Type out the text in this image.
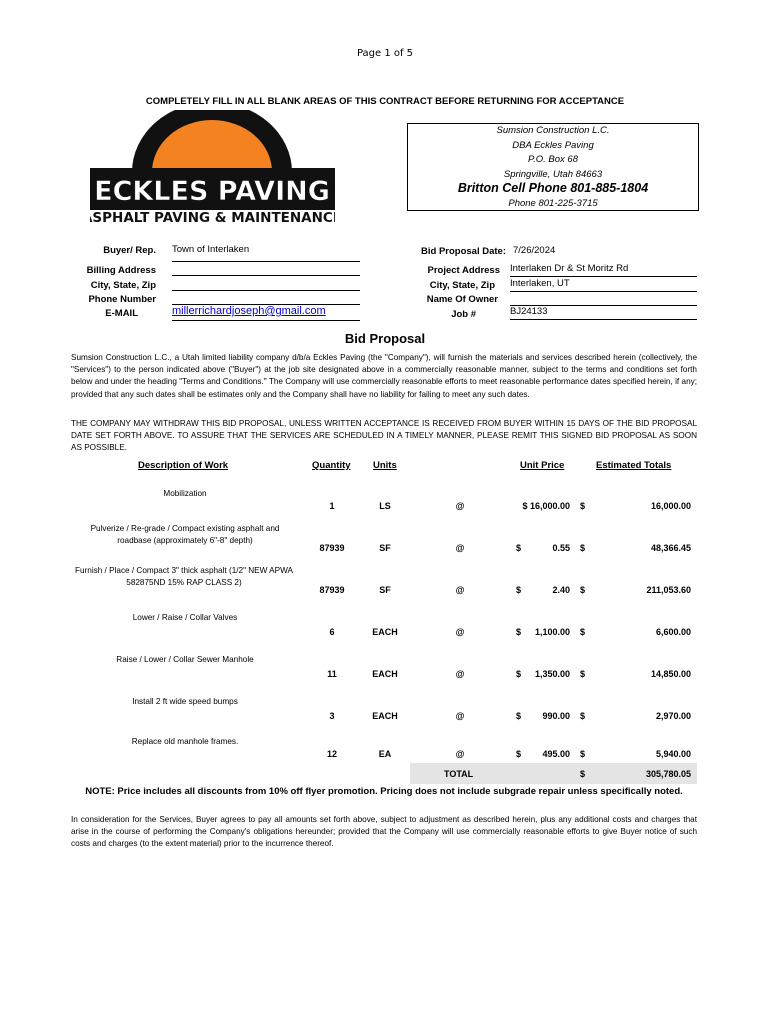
Page 1 of 5
COMPLETELY FILL IN ALL BLANK AREAS OF THIS CONTRACT BEFORE RETURNING FOR ACCEPTANCE
ECKLES PAVING
ASPHALT PAVING & MAINTENANCE
Sumsion Construction L.C.
DBA Eckles Paving
P.O. Box 68
Springville, Utah 84663
Britton Cell Phone 801-885-1804
Phone 801-225-3715
Buyer/ Rep. Town of Interlaken
Billing Address
City, State, Zip
Phone Number
E-MAIL	millerrichardjoseph@gmail.com
Bid Proposal Date: 7/26/2024
Project Address Interlaken Dr & St Moritz Rd
City, State, Zip Interlaken, UT
Name Of Owner
Job #	BJ24133
Bid Proposal
Sumsion Construction L.C., a Utah limited liability company d/b/a Eckles Paving (the "Company"), will furnish the materials and services described herein (collectively, the "Services") to the person indicated above ("Buyer") at the job site designated above in a commercially reasonable manner, subject to the terms and conditions set forth below and under the heading "Terms and Conditions." The Company will use commercially reasonable efforts to meet reasonable performance dates specified herein, if any; provided that any such dates shall be estimates only and the Company shall have no liability for failing to meet any such dates.
THE COMPANY MAY WITHDRAW THIS BID PROPOSAL, UNLESS WRITTEN ACCEPTANCE IS RECEIVED FROM BUYER WITHIN 15 DAYS OF THE BID PROPOSAL DATE SET FORTH ABOVE. TO ASSURE THAT THE SERVICES ARE SCHEDULED IN A TIMELY MANNER, PLEASE REMIT THIS SIGNED BID PROPOSAL AS SOON AS POSSIBLE.
Description of Work	Quantity Units	Unit Price	Estimated Totals
Mobilization
1	LS	@	$ 16,000.00 $	16,000.00
Pulverize / Re-grade / Compact existing asphalt and roadbase (approximately 6"-8" depth)
87939	SF	@	$	0.55 $	48,366.45
Furnish / Place / Compact 3" thick asphalt (1/2" NEW APWA 582875ND 15% RAP CLASS 2)
87939	SF	@	$	2.40 $	211,053.60
Lower / Raise / Collar Valves
6	EACH	@	$	1,100.00 $	6,600.00
Raise / Lower / Collar Sewer Manhole
11	EACH	@	$	1,350.00 $	14,850.00
Install 2 ft wide speed bumps
3	EACH	@	$	990.00 $	2,970.00
Replace old manhole frames.
12	EA	@	$	495.00 $	5,940.00
TOTAL	$	305,780.05
NOTE: Price includes all discounts from 10% off flyer promotion. Pricing does not include subgrade repair unless specifically noted.
In consideration for the Services, Buyer agrees to pay all amounts set forth above, subject to adjustment as described herein, plus any additional costs and charges that arise in the course of performing the Company's obligations hereunder; provided that the Company will use commercially reasonable efforts to give Buyer notice of such costs and charges (to the extent material) prior to the incurrence thereof.
